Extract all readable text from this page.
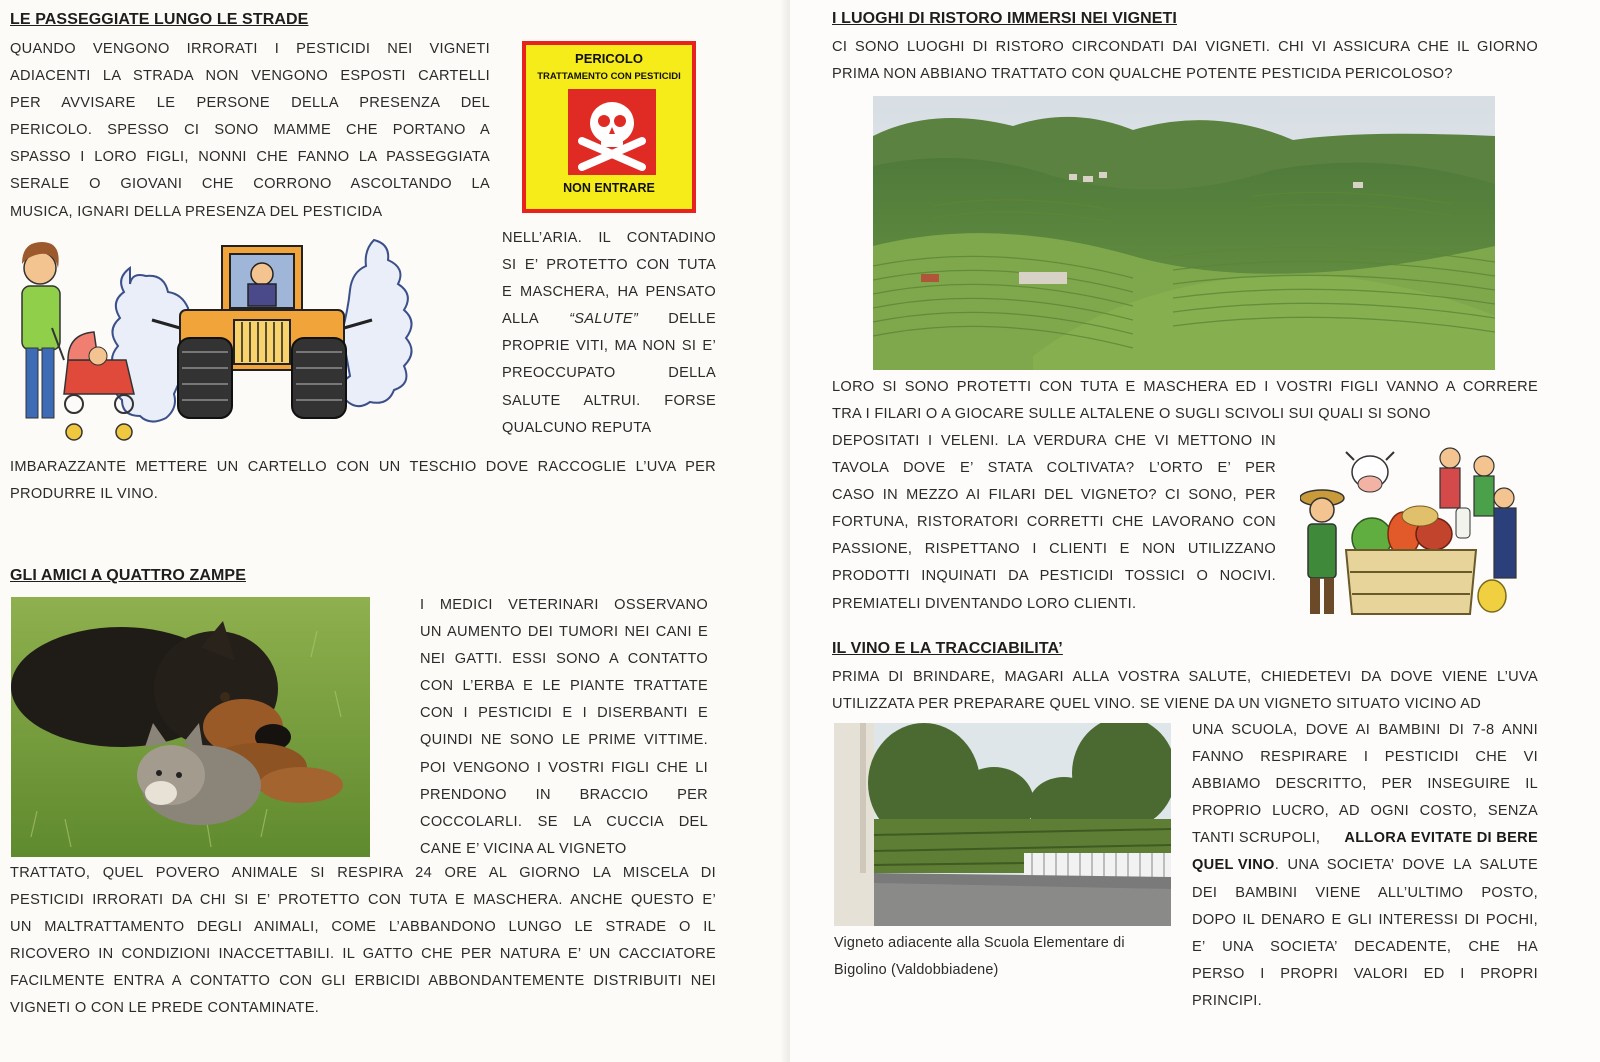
LE PASSEGGIATE LUNGO LE STRADE
QUANDO VENGONO IRRORATI I PESTICIDI NEI VIGNETI
ADIACENTI LA STRADA NON VENGONO ESPOSTI CARTELLI
PER AVVISARE LE PERSONE DELLA PRESENZA DEL
PERICOLO. SPESSO CI SONO MAMME CHE PORTANO A
SPASSO I LORO FIGLI, NONNI CHE FANNO LA PASSEGGIATA
SERALE O GIOVANI CHE CORRONO ASCOLTANDO LA
MUSICA, IGNARI DELLA PRESENZA DEL PESTICIDA
PERICOLO
TRATTAMENTO CON PESTICIDI
NON ENTRARE
NELL’ARIA. IL CONTADINO
SI E’ PROTETTO CON TUTA
E MASCHERA, HA PENSATO
ALLA “SALUTE” DELLE
PROPRIE VITI, MA NON SI E’
PREOCCUPATO DELLA
SALUTE ALTRUI. FORSE
QUALCUNO REPUTA
IMBARAZZANTE METTERE UN CARTELLO CON UN TESCHIO DOVE RACCOGLIE L’UVA PER
PRODURRE IL VINO.
GLI AMICI A QUATTRO ZAMPE
I MEDICI VETERINARI OSSERVANO
UN AUMENTO DEI TUMORI NEI CANI E
NEI GATTI. ESSI SONO A CONTATTO
CON L’ERBA E LE PIANTE TRATTATE
CON I PESTICIDI E I DISERBANTI E
QUINDI NE SONO LE PRIME VITTIME.
POI VENGONO I VOSTRI FIGLI CHE LI
PRENDONO IN BRACCIO PER
COCCOLARLI. SE LA CUCCIA DEL
CANE E’ VICINA AL VIGNETO
TRATTATO, QUEL POVERO ANIMALE SI RESPIRA 24 ORE AL GIORNO LA MISCELA DI
PESTICIDI IRRORATI DA CHI SI E’ PROTETTO CON TUTA E MASCHERA. ANCHE QUESTO E’
UN MALTRATTAMENTO DEGLI ANIMALI, COME L’ABBANDONO LUNGO LE STRADE O IL
RICOVERO IN CONDIZIONI INACCETTABILI. IL GATTO CHE PER NATURA E’ UN CACCIATORE
FACILMENTE ENTRA A CONTATTO CON GLI ERBICIDI ABBONDANTEMENTE DISTRIBUITI NEI
VIGNETI O CON LE PREDE CONTAMINATE.
I LUOGHI DI RISTORO IMMERSI NEI VIGNETI
CI SONO LUOGHI DI RISTORO CIRCONDATI DAI VIGNETI. CHI VI ASSICURA CHE IL GIORNO
PRIMA NON ABBIANO TRATTATO CON QUALCHE POTENTE PESTICIDA PERICOLOSO?
LORO SI SONO PROTETTI CON TUTA E MASCHERA ED I VOSTRI FIGLI VANNO A CORRERE
TRA I FILARI O A GIOCARE SULLE ALTALENE O SUGLI SCIVOLI SUI QUALI SI SONO
DEPOSITATI I VELENI. LA VERDURA CHE VI METTONO IN
TAVOLA DOVE E’ STATA COLTIVATA? L’ORTO E’ PER
CASO IN MEZZO AI FILARI DEL VIGNETO? CI SONO, PER
FORTUNA, RISTORATORI CORRETTI CHE LAVORANO CON
PASSIONE, RISPETTANO I CLIENTI E NON UTILIZZANO
PRODOTTI INQUINATI DA PESTICIDI TOSSICI O NOCIVI.
PREMIATELI DIVENTANDO LORO CLIENTI.
IL VINO E LA TRACCIABILITA’
PRIMA DI BRINDARE, MAGARI ALLA VOSTRA SALUTE, CHIEDETEVI DA DOVE VIENE L’UVA
UTILIZZATA PER PREPARARE QUEL VINO. SE VIENE DA UN VIGNETO SITUATO VICINO AD
Vigneto adiacente alla Scuola Elementare di
Bigolino (Valdobbiadene)
UNA SCUOLA, DOVE AI BAMBINI DI 7-8 ANNI
FANNO RESPIRARE I PESTICIDI CHE VI
ABBIAMO DESCRITTO, PER INSEGUIRE IL
PROPRIO LUCRO, AD OGNI COSTO, SENZA
TANTI SCRUPOLI, ALLORA EVITATE DI BERE
QUEL VINO . UNA SOCIETA’ DOVE LA SALUTE
DEI BAMBINI VIENE ALL’ULTIMO POSTO,
DOPO IL DENARO E GLI INTERESSI DI POCHI,
E’ UNA SOCIETA’ DECADENTE, CHE HA
PERSO I PROPRI VALORI ED I PROPRI
PRINCIPI.
